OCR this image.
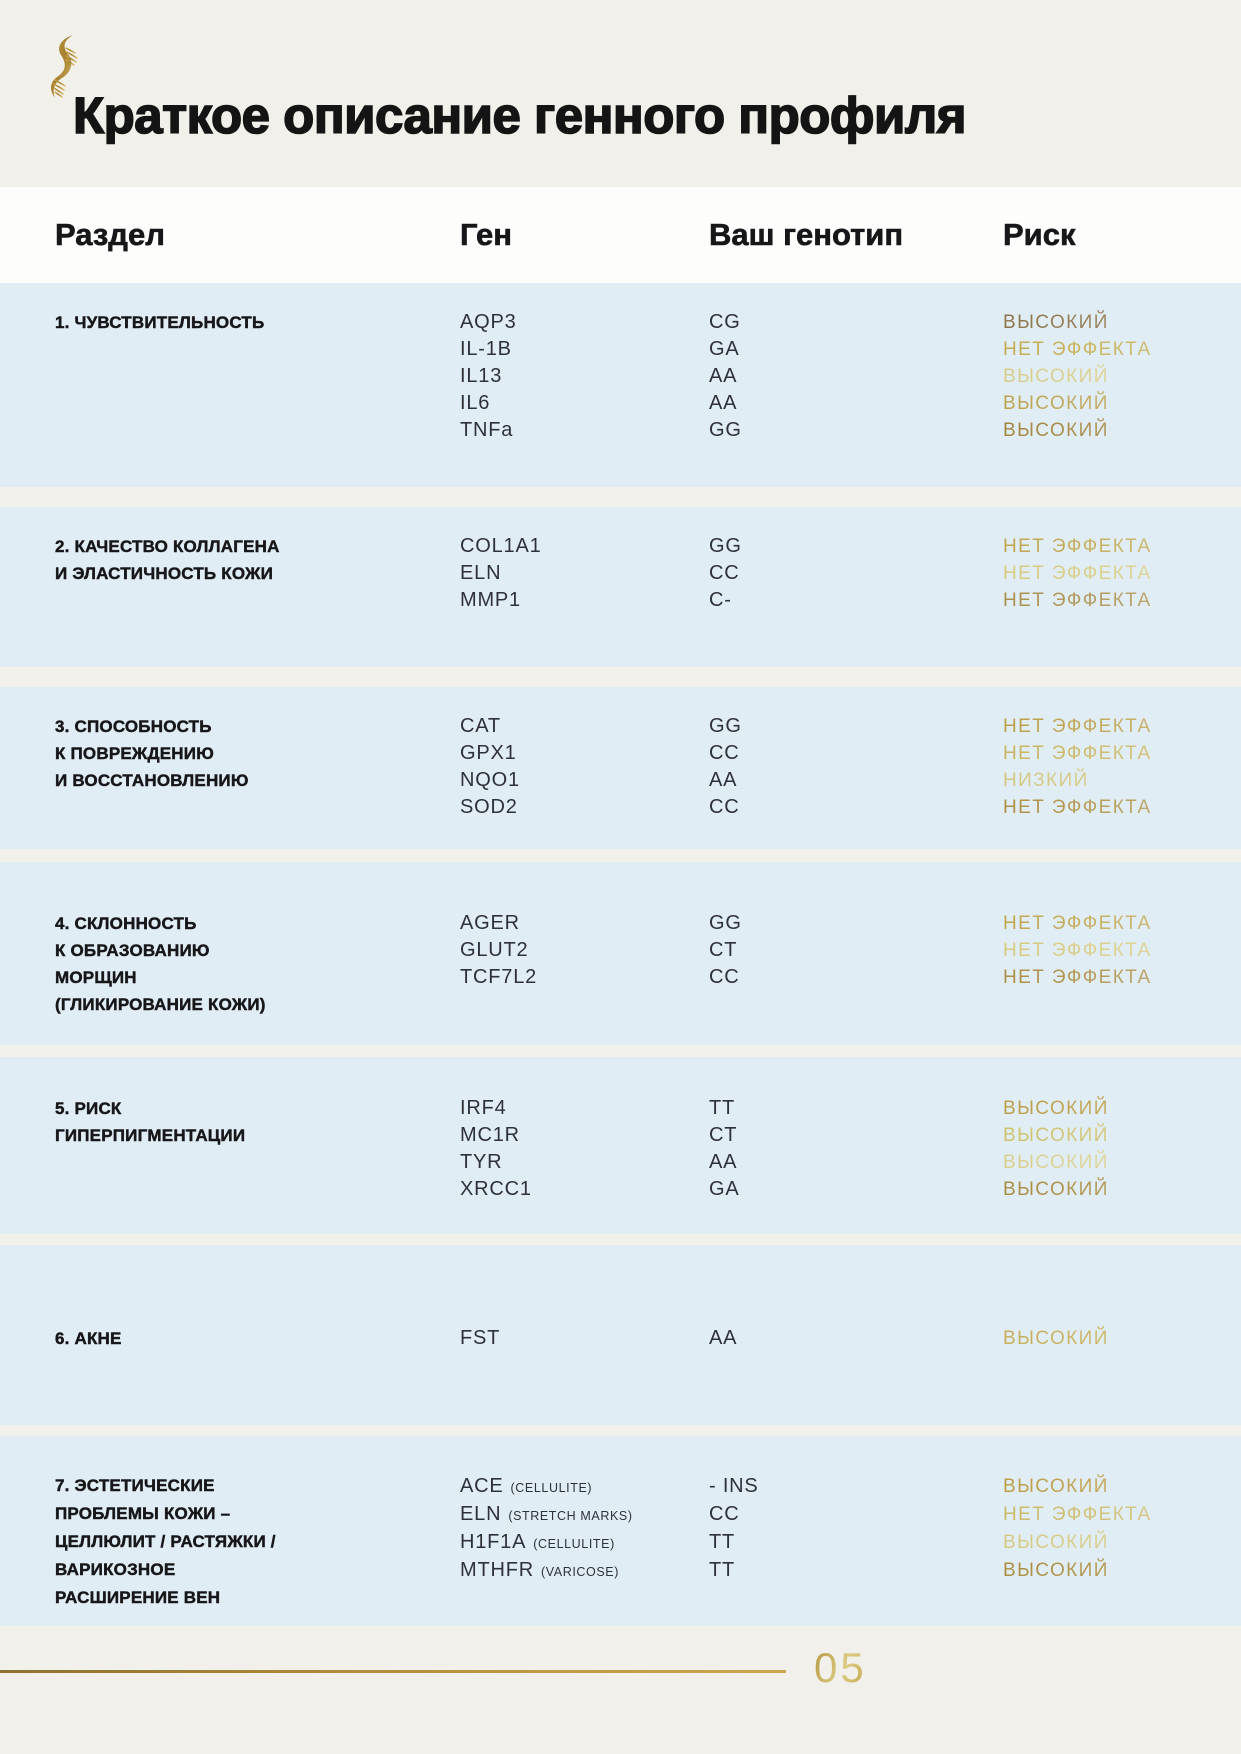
Краткое описание генного профиля
Раздел	Ген	Ваш генотип	Риск
1. ЧУВСТВИТЕЛЬНОСТЬ	AQP3	CG	ВЫСОКИЙ
IL-1B	GA	НЕТ ЭФФЕКТА
IL13	AA	ВЫСОКИЙ
IL6	AA	ВЫСОКИЙ
TNFa	GG	ВЫСОКИЙ
2. КАЧЕСТВО КОЛЛАГЕНА
И ЭЛАСТИЧНОСТЬ КОЖИ
COL1A1	GG	НЕТ ЭФФЕКТА
ELN	CC	НЕТ ЭФФЕКТА
MMP1	C-	НЕТ ЭФФЕКТА
3. СПОСОБНОСТЬ
К ПОВРЕЖДЕНИЮ
И ВОССТАНОВЛЕНИЮ
CAT	GG	НЕТ ЭФФЕКТА
GPX1	CC	НЕТ ЭФФЕКТА
NQO1	AA	НИЗКИЙ
SOD2	CC	НЕТ ЭФФЕКТА
4. СКЛОННОСТЬ
К ОБРАЗОВАНИЮ
МОРЩИН
(ГЛИКИРОВАНИЕ КОЖИ)
AGER	GG	НЕТ ЭФФЕКТА
GLUT2	CT	НЕТ ЭФФЕКТА
TCF7L2	CC	НЕТ ЭФФЕКТА
5. РИСК
ГИПЕРПИГМЕНТАЦИИ
IRF4	TT	ВЫСОКИЙ
MC1R	CT	ВЫСОКИЙ
TYR	AA	ВЫСОКИЙ
XRCC1	GA	ВЫСОКИЙ
6. АКНЕ	FST	AA	ВЫСОКИЙ
7. ЭСТЕТИЧЕСКИЕ
ПРОБЛЕМЫ КОЖИ –
ЦЕЛЛЮЛИТ / РАСТЯЖКИ /
ВАРИКОЗНОЕ
РАСШИРЕНИЕ ВЕН
ACE (CELLULITE)	- INS	ВЫСОКИЙ
ELN (STRETCH MARKS)	CC	НЕТ ЭФФЕКТА
H1F1A (CELLULITE)	TT	ВЫСОКИЙ
MTHFR (VARICOSE)	TT	ВЫСОКИЙ
05
